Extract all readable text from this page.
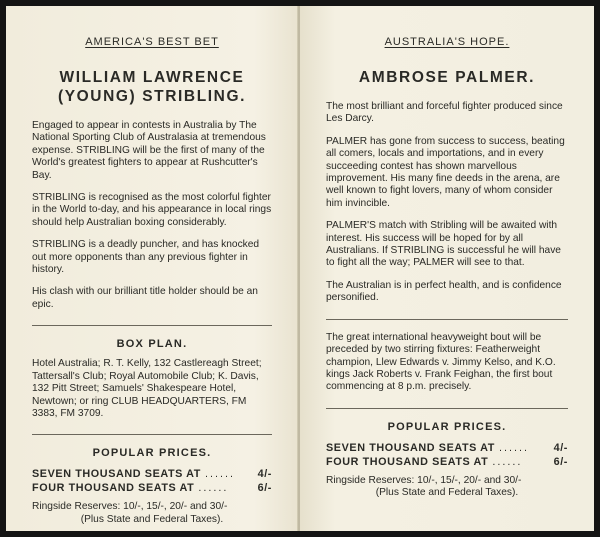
AMERICA'S BEST BET

WILLIAM LAWRENCE
(YOUNG) STRIBLING.

Engaged to appear in contests in Australia by The National Sporting Club of Australasia at tremendous expense. STRIBLING will be the first of many of the World's greatest fighters to appear at Rushcutter's Bay.

STRIBLING is recognised as the most colorful fighter in the World to-day, and his appearance in local rings should help Australian boxing considerably.

STRIBLING is a deadly puncher, and has knocked out more opponents than any previous fighter in history.

His clash with our brilliant title holder should be an epic.

BOX PLAN.

Hotel Australia; R. T. Kelly, 132 Castlereagh Street; Tattersall's Club; Royal Automobile Club; K. Davis, 132 Pitt Street; Samuels' Shakespeare Hotel, Newtown; or ring CLUB HEADQUARTERS, FM 3383, FM 3709.

POPULAR PRICES.
SEVEN THOUSAND SEATS AT ......	4/-
FOUR THOUSAND SEATS AT ......	6/-
Ringside Reserves: 10/-, 15/-, 20/- and 30/-
(Plus State and Federal Taxes).

AUSTRALIA'S HOPE.

AMBROSE PALMER.

The most brilliant and forceful fighter produced since Les Darcy.

PALMER has gone from success to success, beating all comers, locals and importations, and in every succeeding contest has shown marvellous improvement. His many fine deeds in the arena, are well known to fight lovers, many of whom consider him invincible.

PALMER'S match with Stribling will be awaited with interest. His success will be hoped for by all Australians. If STRIBLING is successful he will have to fight all the way; PALMER will see to that.

The Australian is in perfect health, and is confidence personified.

The great international heavyweight bout will be preceded by two stirring fixtures: Featherweight champion, Llew Edwards v. Jimmy Kelso, and K.O. kings Jack Roberts v. Frank Feighan, the first bout commencing at 8 p.m. precisely.

POPULAR PRICES.
SEVEN THOUSAND SEATS AT ......	4/-
FOUR THOUSAND SEATS AT ......	6/-
Ringside Reserves: 10/-, 15/-, 20/- and 30/-
(Plus State and Federal Taxes).
